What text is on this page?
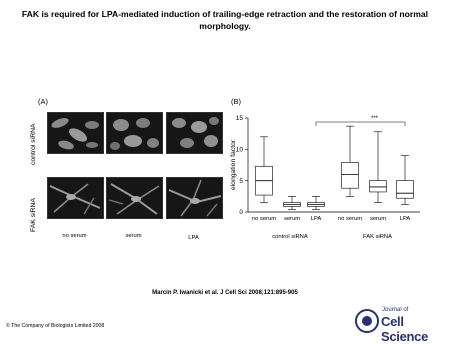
FAK is required for LPA-mediated induction of trailing-edge retraction and the restoration of normal morphology.
(A)
control siRNA
FAK siRNA
no serum	serum	LPA
(B)
0
5
10
15
elongation factor
no serum serum LPA	no serum serum LPA
control siRNA	FAK siRNA
***
Marcin P. Iwanicki et al. J Cell Sci 2008;121:895-905
© The Company of Biologists Limited 2008
Journal of
Cell Science
